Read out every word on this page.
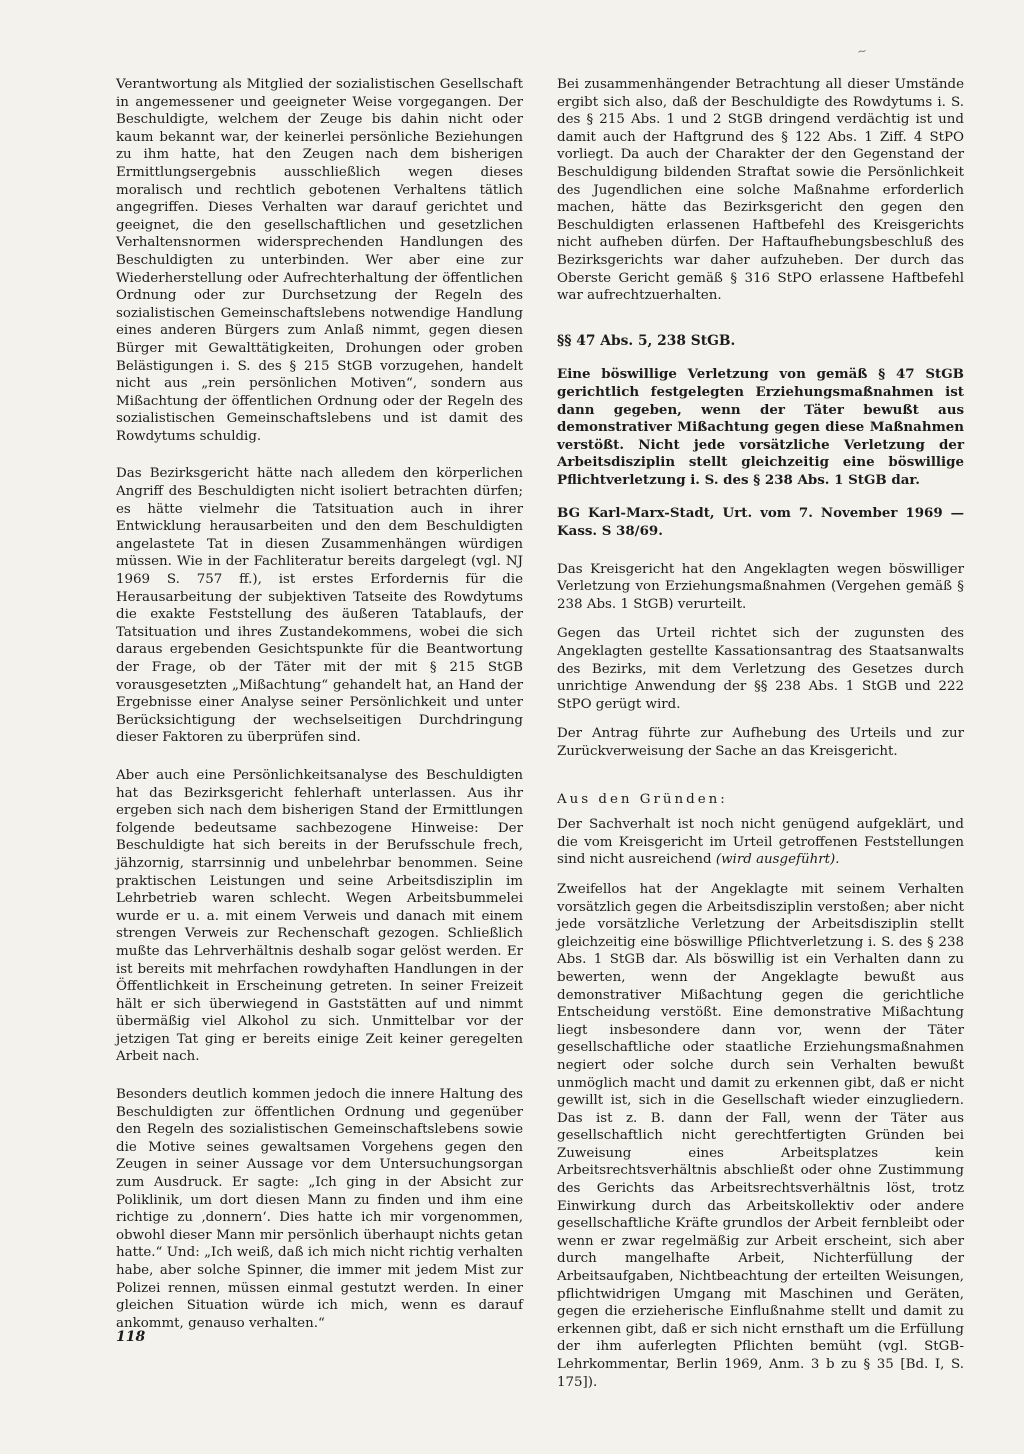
~

Verantwortung als Mitglied der sozialistischen Gesellschaft in angemessener und geeigneter Weise vorgegangen. Der Beschuldigte, welchem der Zeuge bis dahin nicht oder kaum bekannt war, der keinerlei persönliche Beziehungen zu ihm hatte, hat den Zeugen nach dem bisherigen Ermittlungsergebnis ausschließlich wegen dieses moralisch und rechtlich gebotenen Verhaltens tätlich angegriffen. Dieses Verhalten war darauf gerichtet und geeignet, die den gesellschaftlichen und gesetzlichen Verhaltensnormen widersprechenden Handlungen des Beschuldigten zu unterbinden. Wer aber eine zur Wiederherstellung oder Aufrechterhaltung der öffentlichen Ordnung oder zur Durchsetzung der Regeln des sozialistischen Gemeinschaftslebens notwendige Handlung eines anderen Bürgers zum Anlaß nimmt, gegen diesen Bürger mit Gewalttätigkeiten, Drohungen oder groben Belästigungen i. S. des § 215 StGB vorzugehen, handelt nicht aus „rein persönlichen Motiven“, sondern aus Mißachtung der öffentlichen Ordnung oder der Regeln des sozialistischen Gemeinschaftslebens und ist damit des Rowdytums schuldig.

Das Bezirksgericht hätte nach alledem den körperlichen Angriff des Beschuldigten nicht isoliert betrachten dürfen; es hätte vielmehr die Tatsituation auch in ihrer Entwicklung herausarbeiten und den dem Beschuldigten angelastete Tat in diesen Zusammenhängen würdigen müssen. Wie in der Fachliteratur bereits dargelegt (vgl. NJ 1969 S. 757 ff.), ist erstes Erfordernis für die Herausarbeitung der subjektiven Tatseite des Rowdytums die exakte Feststellung des äußeren Tatablaufs, der Tatsituation und ihres Zustandekommens, wobei die sich daraus ergebenden Gesichtspunkte für die Beantwortung der Frage, ob der Täter mit der mit § 215 StGB vorausgesetzten „Mißachtung“ gehandelt hat, an Hand der Ergebnisse einer Analyse seiner Persönlichkeit und unter Berücksichtigung der wechselseitigen Durchdringung dieser Faktoren zu überprüfen sind.

Aber auch eine Persönlichkeitsanalyse des Beschuldigten hat das Bezirksgericht fehlerhaft unterlassen. Aus ihr ergeben sich nach dem bisherigen Stand der Ermittlungen folgende bedeutsame sachbezogene Hinweise: Der Beschuldigte hat sich bereits in der Berufsschule frech, jähzornig, starrsinnig und unbelehrbar benommen. Seine praktischen Leistungen und seine Arbeitsdisziplin im Lehrbetrieb waren schlecht. Wegen Arbeitsbummelei wurde er u. a. mit einem Verweis und danach mit einem strengen Verweis zur Rechenschaft gezogen. Schließlich mußte das Lehrverhältnis deshalb sogar gelöst werden. Er ist bereits mit mehrfachen rowdyhaften Handlungen in der Öffentlichkeit in Erscheinung getreten. In seiner Freizeit hält er sich überwiegend in Gaststätten auf und nimmt übermäßig viel Alkohol zu sich. Unmittelbar vor der jetzigen Tat ging er bereits einige Zeit keiner geregelten Arbeit nach.

Besonders deutlich kommen jedoch die innere Haltung des Beschuldigten zur öffentlichen Ordnung und gegenüber den Regeln des sozialistischen Gemeinschaftslebens sowie die Motive seines gewaltsamen Vorgehens gegen den Zeugen in seiner Aussage vor dem Untersuchungsorgan zum Ausdruck. Er sagte: „Ich ging in der Absicht zur Poliklinik, um dort diesen Mann zu finden und ihm eine richtige zu ‚donnern‘. Dies hatte ich mir vorgenommen, obwohl dieser Mann mir persönlich überhaupt nichts getan hatte.“ Und: „Ich weiß, daß ich mich nicht richtig verhalten habe, aber solche Spinner, die immer mit jedem Mist zur Polizei rennen, müssen einmal gestutzt werden. In einer gleichen Situation würde ich mich, wenn es darauf ankommt, genauso verhalten.“

Bei zusammenhängender Betrachtung all dieser Umstände ergibt sich also, daß der Beschuldigte des Rowdytums i. S. des § 215 Abs. 1 und 2 StGB dringend verdächtig ist und damit auch der Haftgrund des § 122 Abs. 1 Ziff. 4 StPO vorliegt. Da auch der Charakter der den Gegenstand der Beschuldigung bildenden Straftat sowie die Persönlichkeit des Jugendlichen eine solche Maßnahme erforderlich machen, hätte das Bezirksgericht den gegen den Beschuldigten erlassenen Haftbefehl des Kreisgerichts nicht aufheben dürfen. Der Haftaufhebungsbeschluß des Bezirksgerichts war daher aufzuheben. Der durch das Oberste Gericht gemäß § 316 StPO erlassene Haftbefehl war aufrechtzuerhalten.

§§ 47 Abs. 5, 238 StGB.

Eine böswillige Verletzung von gemäß § 47 StGB gerichtlich festgelegten Erziehungsmaßnahmen ist dann gegeben, wenn der Täter bewußt aus demonstrativer Mißachtung gegen diese Maßnahmen verstößt. Nicht jede vorsätzliche Verletzung der Arbeitsdisziplin stellt gleichzeitig eine böswillige Pflichtverletzung i. S. des § 238 Abs. 1 StGB dar.

BG Karl-Marx-Stadt, Urt. vom 7. November 1969 — Kass. S 38/69.

Das Kreisgericht hat den Angeklagten wegen böswilliger Verletzung von Erziehungsmaßnahmen (Vergehen gemäß § 238 Abs. 1 StGB) verurteilt.

Gegen das Urteil richtet sich der zugunsten des Angeklagten gestellte Kassationsantrag des Staatsanwalts des Bezirks, mit dem Verletzung des Gesetzes durch unrichtige Anwendung der §§ 238 Abs. 1 StGB und 222 StPO gerügt wird.

Der Antrag führte zur Aufhebung des Urteils und zur Zurückverweisung der Sache an das Kreisgericht.

Aus den Gründen:

Der Sachverhalt ist noch nicht genügend aufgeklärt, und die vom Kreisgericht im Urteil getroffenen Feststellungen sind nicht ausreichend (wird ausgeführt).

Zweifellos hat der Angeklagte mit seinem Verhalten vorsätzlich gegen die Arbeitsdisziplin verstoßen; aber nicht jede vorsätzliche Verletzung der Arbeitsdisziplin stellt gleichzeitig eine böswillige Pflichtverletzung i. S. des § 238 Abs. 1 StGB dar. Als böswillig ist ein Verhalten dann zu bewerten, wenn der Angeklagte bewußt aus demonstrativer Mißachtung gegen die gerichtliche Entscheidung verstößt. Eine demonstrative Mißachtung liegt insbesondere dann vor, wenn der Täter gesellschaftliche oder staatliche Erziehungsmaßnahmen negiert oder solche durch sein Verhalten bewußt unmöglich macht und damit zu erkennen gibt, daß er nicht gewillt ist, sich in die Gesellschaft wieder einzugliedern. Das ist z. B. dann der Fall, wenn der Täter aus gesellschaftlich nicht gerechtfertigten Gründen bei Zuweisung eines Arbeitsplatzes kein Arbeitsrechtsverhältnis abschließt oder ohne Zustimmung des Gerichts das Arbeitsrechtsverhältnis löst, trotz Einwirkung durch das Arbeitskollektiv oder andere gesellschaftliche Kräfte grundlos der Arbeit fernbleibt oder wenn er zwar regelmäßig zur Arbeit erscheint, sich aber durch mangelhafte Arbeit, Nichterfüllung der Arbeitsaufgaben, Nichtbeachtung der erteilten Weisungen, pflichtwidrigen Umgang mit Maschinen und Geräten, gegen die erzieherische Einflußnahme stellt und damit zu erkennen gibt, daß er sich nicht ernsthaft um die Erfüllung der ihm auferlegten Pflichten bemüht (vgl. StGB-Lehrkommentar, Berlin 1969, Anm. 3 b zu § 35 [Bd. I, S. 175]).

118
